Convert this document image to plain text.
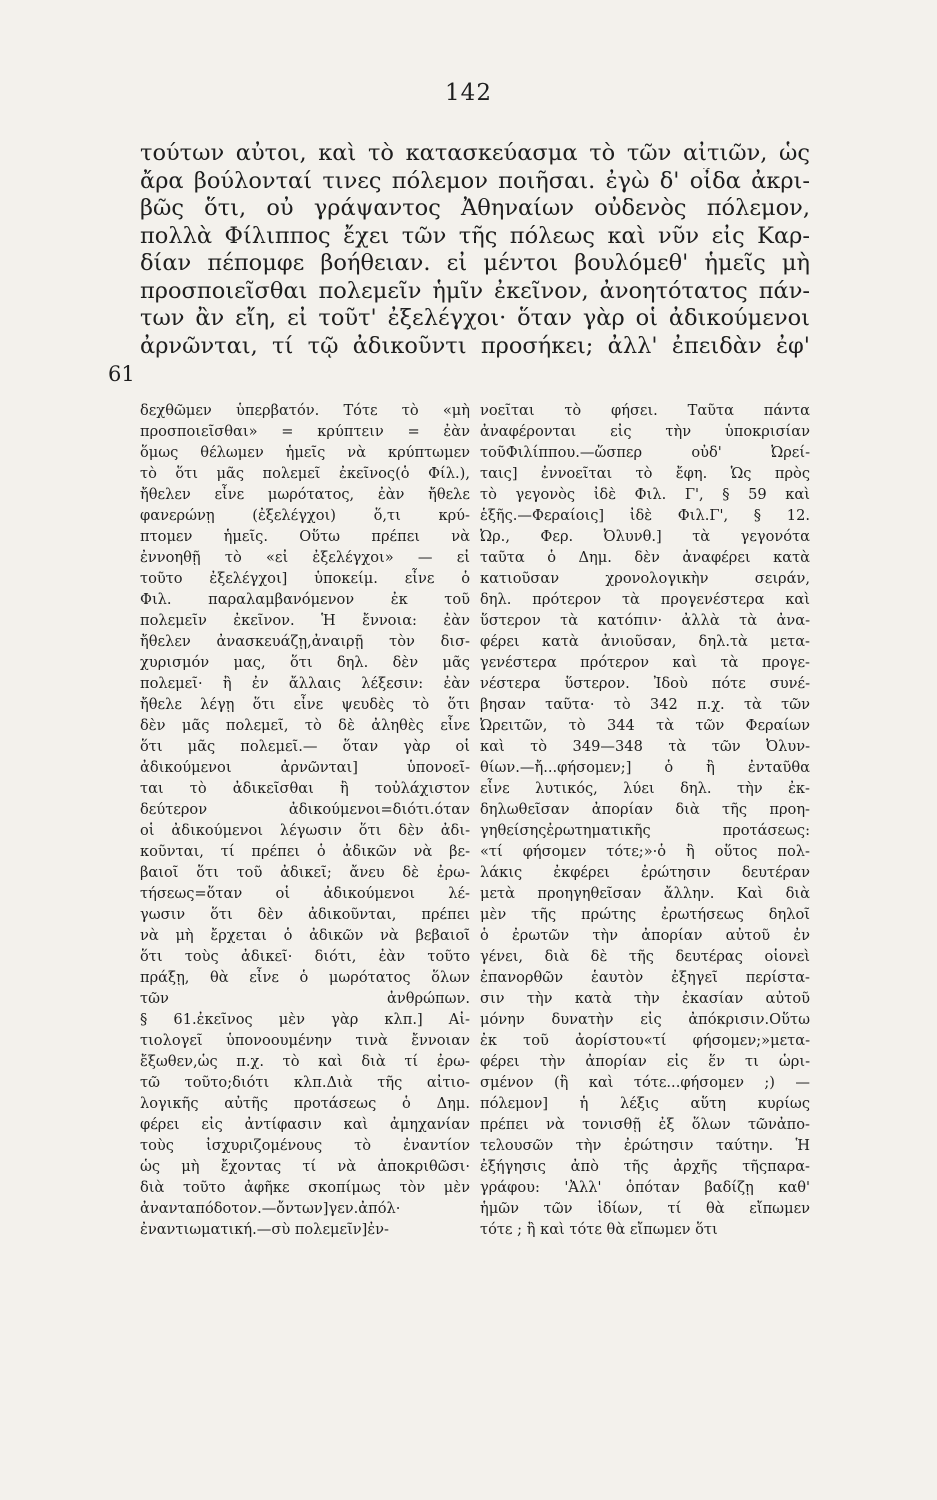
142
61
τούτων αὐτοι, καὶ τὸ κατασκεύασμα τὸ τῶν αἰτιῶν, ὡς
ἄρα βούλονταί τινες πόλεμον ποιῆσαι. ἐγὼ δ' οἶδα ἀκρι-
βῶς ὅτι, οὐ γράψαντος Ἀθηναίων οὐδενὸς πόλεμον,
πολλὰ Φίλιππος ἔχει τῶν τῆς πόλεως καὶ νῦν εἰς Καρ-
δίαν πέπομφε βοήθειαν. εἰ μέντοι βουλόμεθ' ἡμεῖς μὴ
προσποιεῖσθαι πολεμεῖν ἡμῖν ἐκεῖνον, ἀνοητότατος πάν-
των ἂν εἴη, εἰ τοῦτ' ἐξελέγχοι· ὅταν γὰρ οἱ ἀδικούμενοι
ἀρνῶνται, τί τῷ ἀδικοῦντι προσήκει; ἀλλ' ἐπειδὰν ἐφ'
δεχθῶμεν ὑπερβατόν. Τότε τὸ «μὴ
προσποιεῖσθαι» = κρύπτειν = ἐὰν
ὅμως θέλωμεν ἡμεῖς νὰ κρύπτωμεν
τὸ ὅτι μᾶς πολεμεῖ ἐκεῖνος(ὁ Φίλ.),
ἤθελεν εἶνε μωρότατος, ἐὰν ἤθελε
φανερώνῃ (ἐξελέγχοι) ὅ,τι κρύ-
πτομεν ἡμεῖς. Οὕτω πρέπει νὰ
ἐννοηθῇ τὸ «εἰ ἐξελέγχοι» — εἰ
τοῦτο ἐξελέγχοι] ὑποκείμ. εἶνε ὁ
Φιλ. παραλαμβανόμενον ἐκ τοῦ
πολεμεῖν ἐκεῖνον. Ἡ ἔννοια: ἐὰν
ἤθελεν ἀνασκευάζῃ,ἀναιρῇ τὸν δισ-
χυρισμόν μας, ὅτι δηλ. δὲν μᾶς
πολεμεῖ· ἢ ἐν ἄλλαις λέξεσιν: ἐὰν
ἤθελε λέγῃ ὅτι εἶνε ψευδὲς τὸ ὅτι
δὲν μᾶς πολεμεῖ, τὸ δὲ ἀληθὲς εἶνε
ὅτι μᾶς πολεμεῖ.— ὅταν γὰρ οἱ
ἀδικούμενοι ἀρνῶνται] ὑπονοεῖ-
ται τὸ ἀδικεῖσθαι ἢ τοὐλάχιστον
δεύτερον ἀδικούμενοι=διότι.όταν
οἱ ἀδικούμενοι λέγωσιν ὅτι δὲν ἀδι-
κοῦνται, τί πρέπει ὁ ἀδικῶν νὰ βε-
βαιοῖ ὅτι τοῦ ἀδικεῖ; ἄνευ δὲ ἐρω-
τήσεως=ὅταν οἱ ἀδικούμενοι λέ-
γωσιν ὅτι δὲν ἀδικοῦνται, πρέπει
νὰ μὴ ἔρχεται ὁ ἀδικῶν νὰ βεβαιοῖ
ὅτι τοὺς ἀδικεῖ· διότι, ἐὰν τοῦτο
πράξῃ, θὰ εἶνε ὁ μωρότατος ὅλων
τῶν ἀνθρώπων.
§ 61.ἐκεῖνος μὲν γὰρ κλπ.] Αἰ-
τιολογεῖ ὑπονοουμένην τινὰ ἔννοιαν
ἔξωθεν,ὡς π.χ. τὸ καὶ διὰ τί ἐρω-
τῶ τοῦτο;διότι κλπ.Διὰ τῆς αἰτιο-
λογικῆς αὐτῆς προτάσεως ὁ Δημ.
φέρει εἰς ἀντίφασιν καὶ ἀμηχανίαν
τοὺς ἰσχυριζομένους τὸ ἐναντίον
ὡς μὴ ἔχοντας τί νὰ ἀποκριθῶσι·
διὰ τοῦτο ἀφῆκε σκοπίμως τὸν μὲν
ἀνανταπόδοτον.—ὄντων]γεν.ἀπόλ·
ἐναντιωματική.—σὺ πολεμεῖν]ἐν-
νοεῖται τὸ φήσει. Ταῦτα πάντα
ἀναφέρονται εἰς τὴν ὑποκρισίαν
τοῦΦιλίππου.—ὥσπερ οὐδ' Ὠρεί-
ταις] ἐννοεῖται τὸ ἔφη. Ὡς πρὸς
τὸ γεγονὸς ἰδὲ Φιλ. Γ', § 59 καὶ
ἑξῆς.—Φεραίοις] ἰδὲ Φιλ.Γ', § 12.
Ὠρ., Φερ. Ὀλυνθ.] τὰ γεγονότα
ταῦτα ὁ Δημ. δὲν ἀναφέρει κατὰ
κατιοῦσαν χρονολογικὴν σειράν,
δηλ. πρότερον τὰ προγενέστερα καὶ
ὕστερον τὰ κατόπιν· ἀλλὰ τὰ ἀνα-
φέρει κατὰ ἀνιοῦσαν, δηλ.τὰ μετα-
γενέστερα πρότερον καὶ τὰ προγε-
νέστερα ὕστερον. Ἰδοὺ πότε συνέ-
βησαν ταῦτα· τὸ 342 π.χ. τὰ τῶν
Ὠρειτῶν, τὸ 344 τὰ τῶν Φεραίων
καὶ τὸ 349—348 τὰ τῶν Ὀλυν-
θίων.—ἤ...φήσομεν;] ὁ ἢ ἐνταῦθα
εἶνε λυτικός, λύει δηλ. τὴν ἐκ-
δηλωθεῖσαν ἀπορίαν διὰ τῆς προη-
γηθείσηςἐρωτηματικῆς προτάσεως:
«τί φήσομεν τότε;»·ὁ ἢ οὕτος πολ-
λάκις ἐκφέρει ἐρώτησιν δευτέραν
μετὰ προηγηθεῖσαν ἄλλην. Καὶ διὰ
μὲν τῆς πρώτης ἐρωτήσεως δηλοῖ
ὁ ἐρωτῶν τὴν ἀπορίαν αὐτοῦ ἐν
γένει, διὰ δὲ τῆς δευτέρας οἱονεὶ
ἐπανορθῶν ἑαυτὸν ἐξηγεῖ περίστα-
σιν τὴν κατὰ τὴν ἐκασίαν αὐτοῦ
μόνην δυνατὴν εἰς ἀπόκρισιν.Οὕτω
ἐκ τοῦ ἀορίστου«τί φήσομεν;»μετα-
φέρει τὴν ἀπορίαν εἰς ἕν τι ὡρι-
σμένον (ἢ καὶ τότε...φήσομεν ;) —
πόλεμον] ἡ λέξις αὕτη κυρίως
πρέπει νὰ τονισθῇ ἐξ ὅλων τῶνἀπο-
τελουσῶν τὴν ἐρώτησιν ταύτην. Ἡ
ἐξήγησις ἀπὸ τῆς ἀρχῆς τῆςπαρα-
γράφου: 'Ἀλλ' ὁπόταν βαδίζῃ καθ'
ἡμῶν τῶν ἰδίων, τί θὰ εἴπωμεν
τότε ; ἢ καὶ τότε θὰ εἴπωμεν ὅτι
